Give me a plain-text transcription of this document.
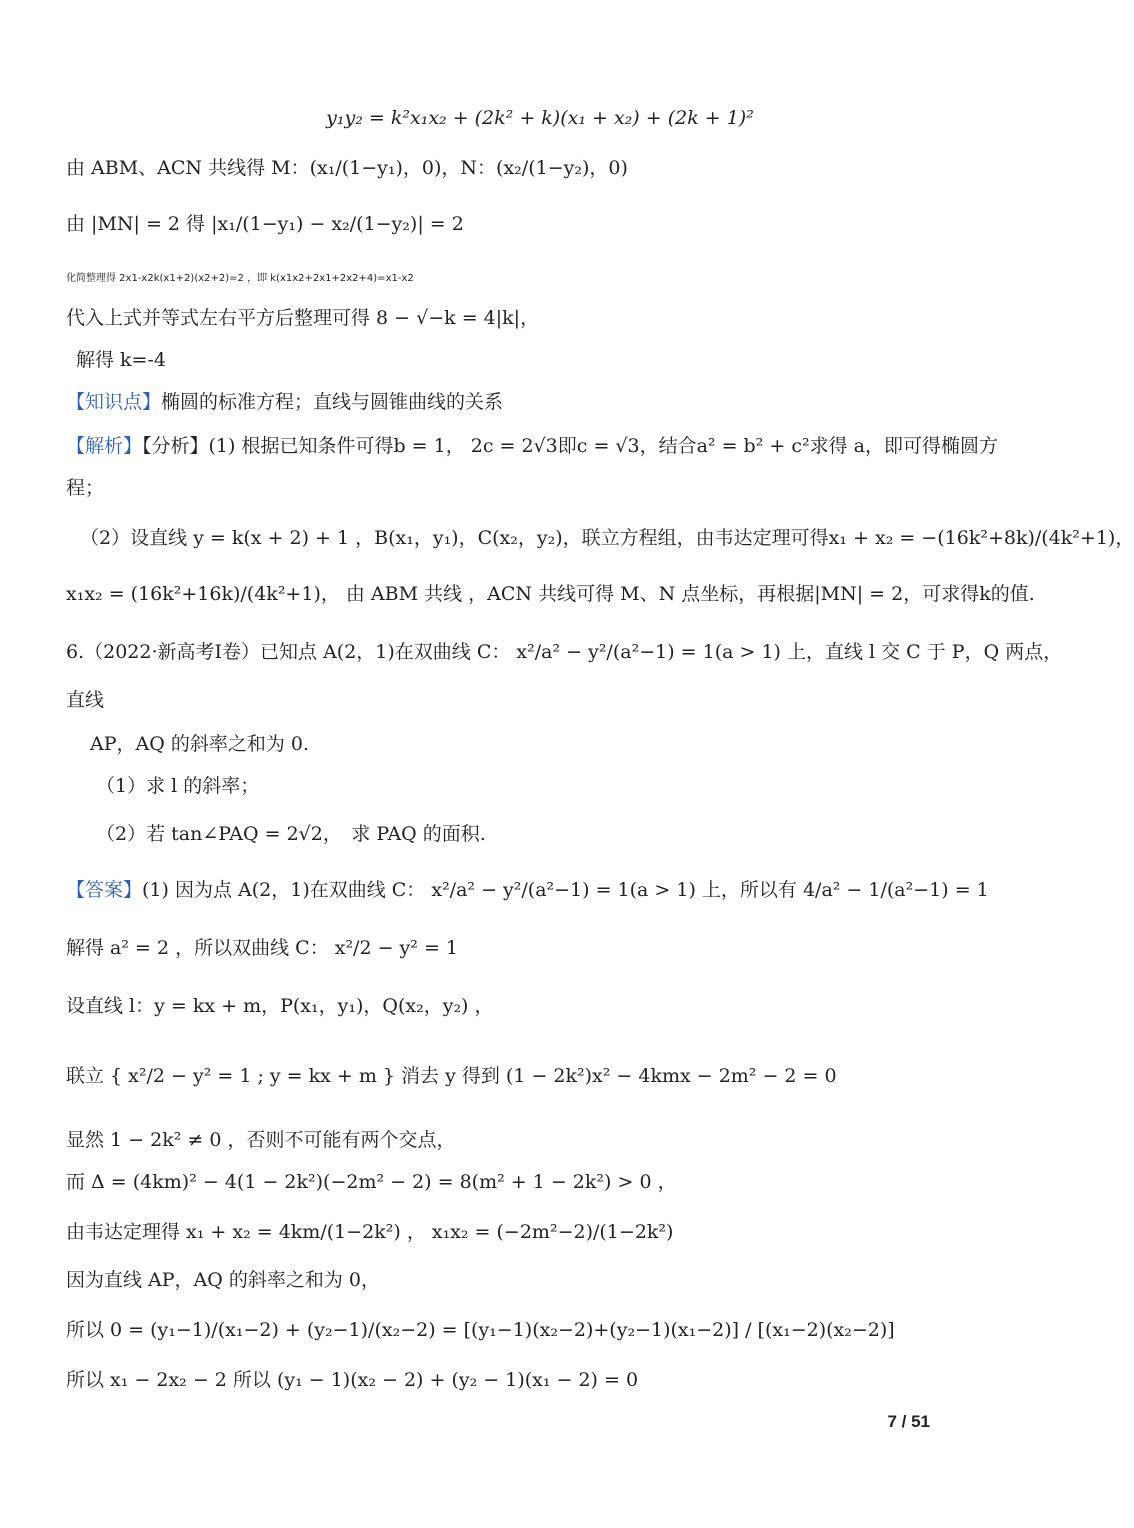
y₁y₂ = k²x₁x₂ + (2k² + k)(x₁ + x₂) + (2k + 1)²
由 ABM、ACN 共线得 M：(x₁/(1−y₁)，0)，N：(x₂/(1−y₂)，0)
由 |MN| = 2 得 |x₁/(1−y₁) − x₂/(1−y₂)| = 2
化简整理得 2x1-x2k(x1+2)(x2+2)=2 ，即 k(x1x2+2x1+2x2+4)=x1-x2
代入上式并等式左右平方后整理可得 8 − √−k = 4|k|，
解得 k=-4
【知识点】椭圆的标准方程；直线与圆锥曲线的关系
【解析】【分析】(1) 根据已知条件可得b = 1， 2c = 2√3即c = √3，结合a² = b² + c²求得 a，即可得椭圆方
程；
（2）设直线 y = k(x + 2) + 1 ，B(x₁，y₁)，C(x₂，y₂)，联立方程组，由韦达定理可得x₁ + x₂ = −(16k²+8k)/(4k²+1)，
x₁x₂ = (16k²+16k)/(4k²+1)， 由 ABM 共线 ，ACN 共线可得 M、N 点坐标，再根据|MN| = 2，可求得k的值.
6.（2022·新高考Ⅰ卷）已知点 A(2，1)在双曲线 C： x²/a² − y²/(a²−1) = 1(a > 1) 上，直线 l 交 C 于 P，Q 两点，
直线
AP，AQ 的斜率之和为 0.
（1）求 l 的斜率；
（2）若 tan∠PAQ = 2√2，　求 PAQ 的面积.
【答案】(1) 因为点 A(2，1)在双曲线 C： x²/a² − y²/(a²−1) = 1(a > 1) 上，所以有 4/a² − 1/(a²−1) = 1
解得 a² = 2 ，所以双曲线 C： x²/2 − y² = 1
设直线 l：y = kx + m，P(x₁，y₁)，Q(x₂，y₂) ，
联立 { x²/2 − y² = 1 ; y = kx + m } 消去 y 得到 (1 − 2k²)x² − 4kmx − 2m² − 2 = 0
显然 1 − 2k² ≠ 0 ，否则不可能有两个交点，
而 Δ = (4km)² − 4(1 − 2k²)(−2m² − 2) = 8(m² + 1 − 2k²) > 0 ，
由韦达定理得 x₁ + x₂ = 4km/(1−2k²) ， x₁x₂ = (−2m²−2)/(1−2k²)
因为直线 AP，AQ 的斜率之和为 0，
所以 0 = (y₁−1)/(x₁−2) + (y₂−1)/(x₂−2) = [(y₁−1)(x₂−2)+(y₂−1)(x₁−2)] / [(x₁−2)(x₂−2)]
所以 x₁ − 2x₂ − 2 所以 (y₁ − 1)(x₂ − 2) + (y₂ − 1)(x₁ − 2) = 0
7 / 51
